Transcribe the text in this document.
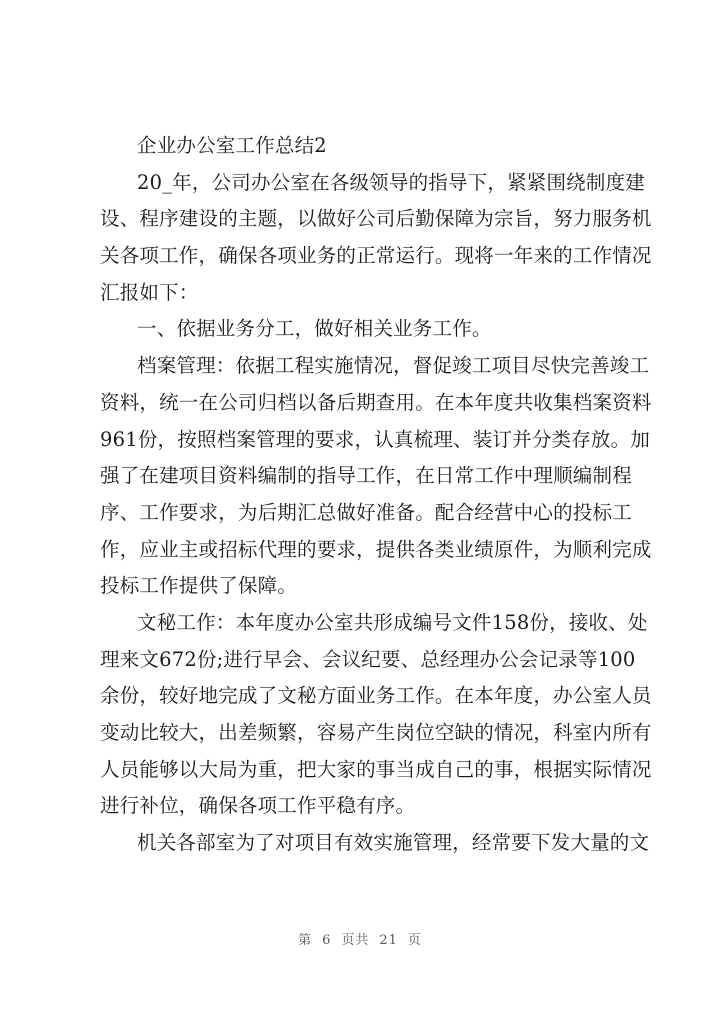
企业办公室工作总结2
20_年，公司办公室在各级领导的指导下，紧紧围绕制度建
设、程序建设的主题，以做好公司后勤保障为宗旨，努力服务机
关各项工作，确保各项业务的正常运行。现将一年来的工作情况
汇报如下：
一、依据业务分工，做好相关业务工作。
档案管理：依据工程实施情况，督促竣工项目尽快完善竣工
资料，统一在公司归档以备后期查用。在本年度共收集档案资料
961份，按照档案管理的要求，认真梳理、装订并分类存放。加
强了在建项目资料编制的指导工作，在日常工作中理顺编制程
序、工作要求，为后期汇总做好准备。配合经营中心的投标工
作，应业主或招标代理的要求，提供各类业绩原件，为顺利完成
投标工作提供了保障。
文秘工作：本年度办公室共形成编号文件158份，接收、处
理来文672份;进行早会、会议纪要、总经理办公会记录等100
余份，较好地完成了文秘方面业务工作。在本年度，办公室人员
变动比较大，出差频繁，容易产生岗位空缺的情况，科室内所有
人员能够以大局为重，把大家的事当成自己的事，根据实际情况
进行补位，确保各项工作平稳有序。
机关各部室为了对项目有效实施管理，经常要下发大量的文
第 6 页共 21 页
